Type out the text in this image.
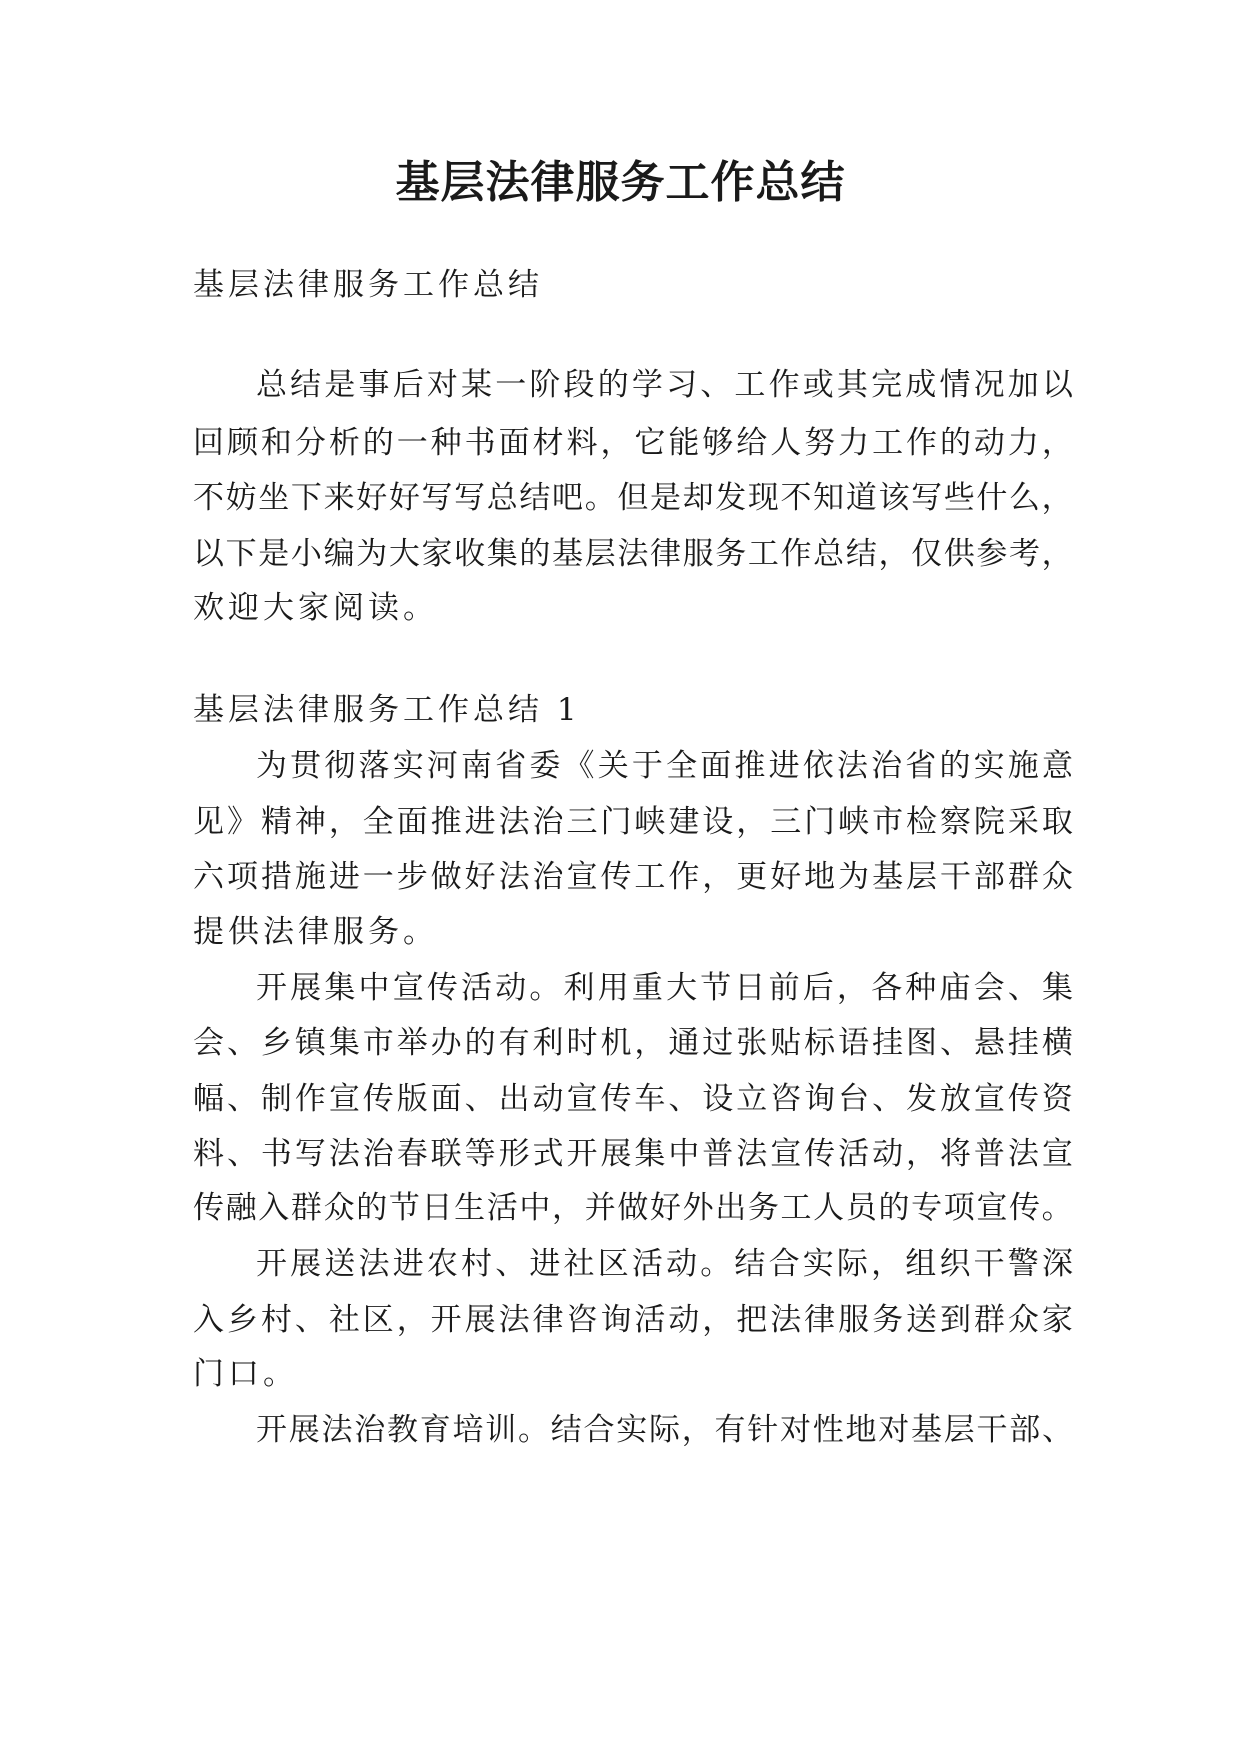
基层法律服务工作总结

基层法律服务工作总结

总 结 是 事 后 对 某 一 阶 段 的 学 习 、 工 作 或 其 完 成 情 况 加 以

回 顾 和 分 析 的 一 种 书 面 材 料 ， 它 能 够 给 人 努 力 工 作 的 动 力 ，

不 妨 坐 下 来 好 好 写 写 总 结 吧 。 但 是 却 发 现 不 知 道 该 写 些 什 么 ，

以 下 是 小 编 为 大 家 收 集 的 基 层 法 律 服 务 工 作 总 结 ， 仅 供 参 考 ，

欢迎大家阅读。

基层法律服务工作总结 1

为 贯 彻 落 实 河 南 省 委 《 关 于 全 面 推 进 依 法 治 省 的 实 施 意

见 》 精 神 ， 全 面 推 进 法 治 三 门 峡 建 设 ， 三 门 峡 市 检 察 院 采 取

六 项 措 施 进 一 步 做 好 法 治 宣 传 工 作 ， 更 好 地 为 基 层 干 部 群 众

提供法律服务。

开 展 集 中 宣 传 活 动 。 利 用 重 大 节 日 前 后 ， 各 种 庙 会 、 集

会 、 乡 镇 集 市 举 办 的 有 利 时 机 ， 通 过 张 贴 标 语 挂 图 、 悬 挂 横

幅 、 制 作 宣 传 版 面 、 出 动 宣 传 车 、 设 立 咨 询 台 、 发 放 宣 传 资

料 、 书 写 法 治 春 联 等 形 式 开 展 集 中 普 法 宣 传 活 动 ， 将 普 法 宣

传 融 入 群 众 的 节 日 生 活 中 ， 并 做 好 外 出 务 工 人 员 的 专 项 宣 传 。

开 展 送 法 进 农 村 、 进 社 区 活 动 。 结 合 实 际 ， 组 织 干 警 深

入 乡 村 、 社 区 ， 开 展 法 律 咨 询 活 动 ， 把 法 律 服 务 送 到 群 众 家

门口。

开 展 法 治 教 育 培 训 。 结 合 实 际 ， 有 针 对 性 地 对 基 层 干 部 、
